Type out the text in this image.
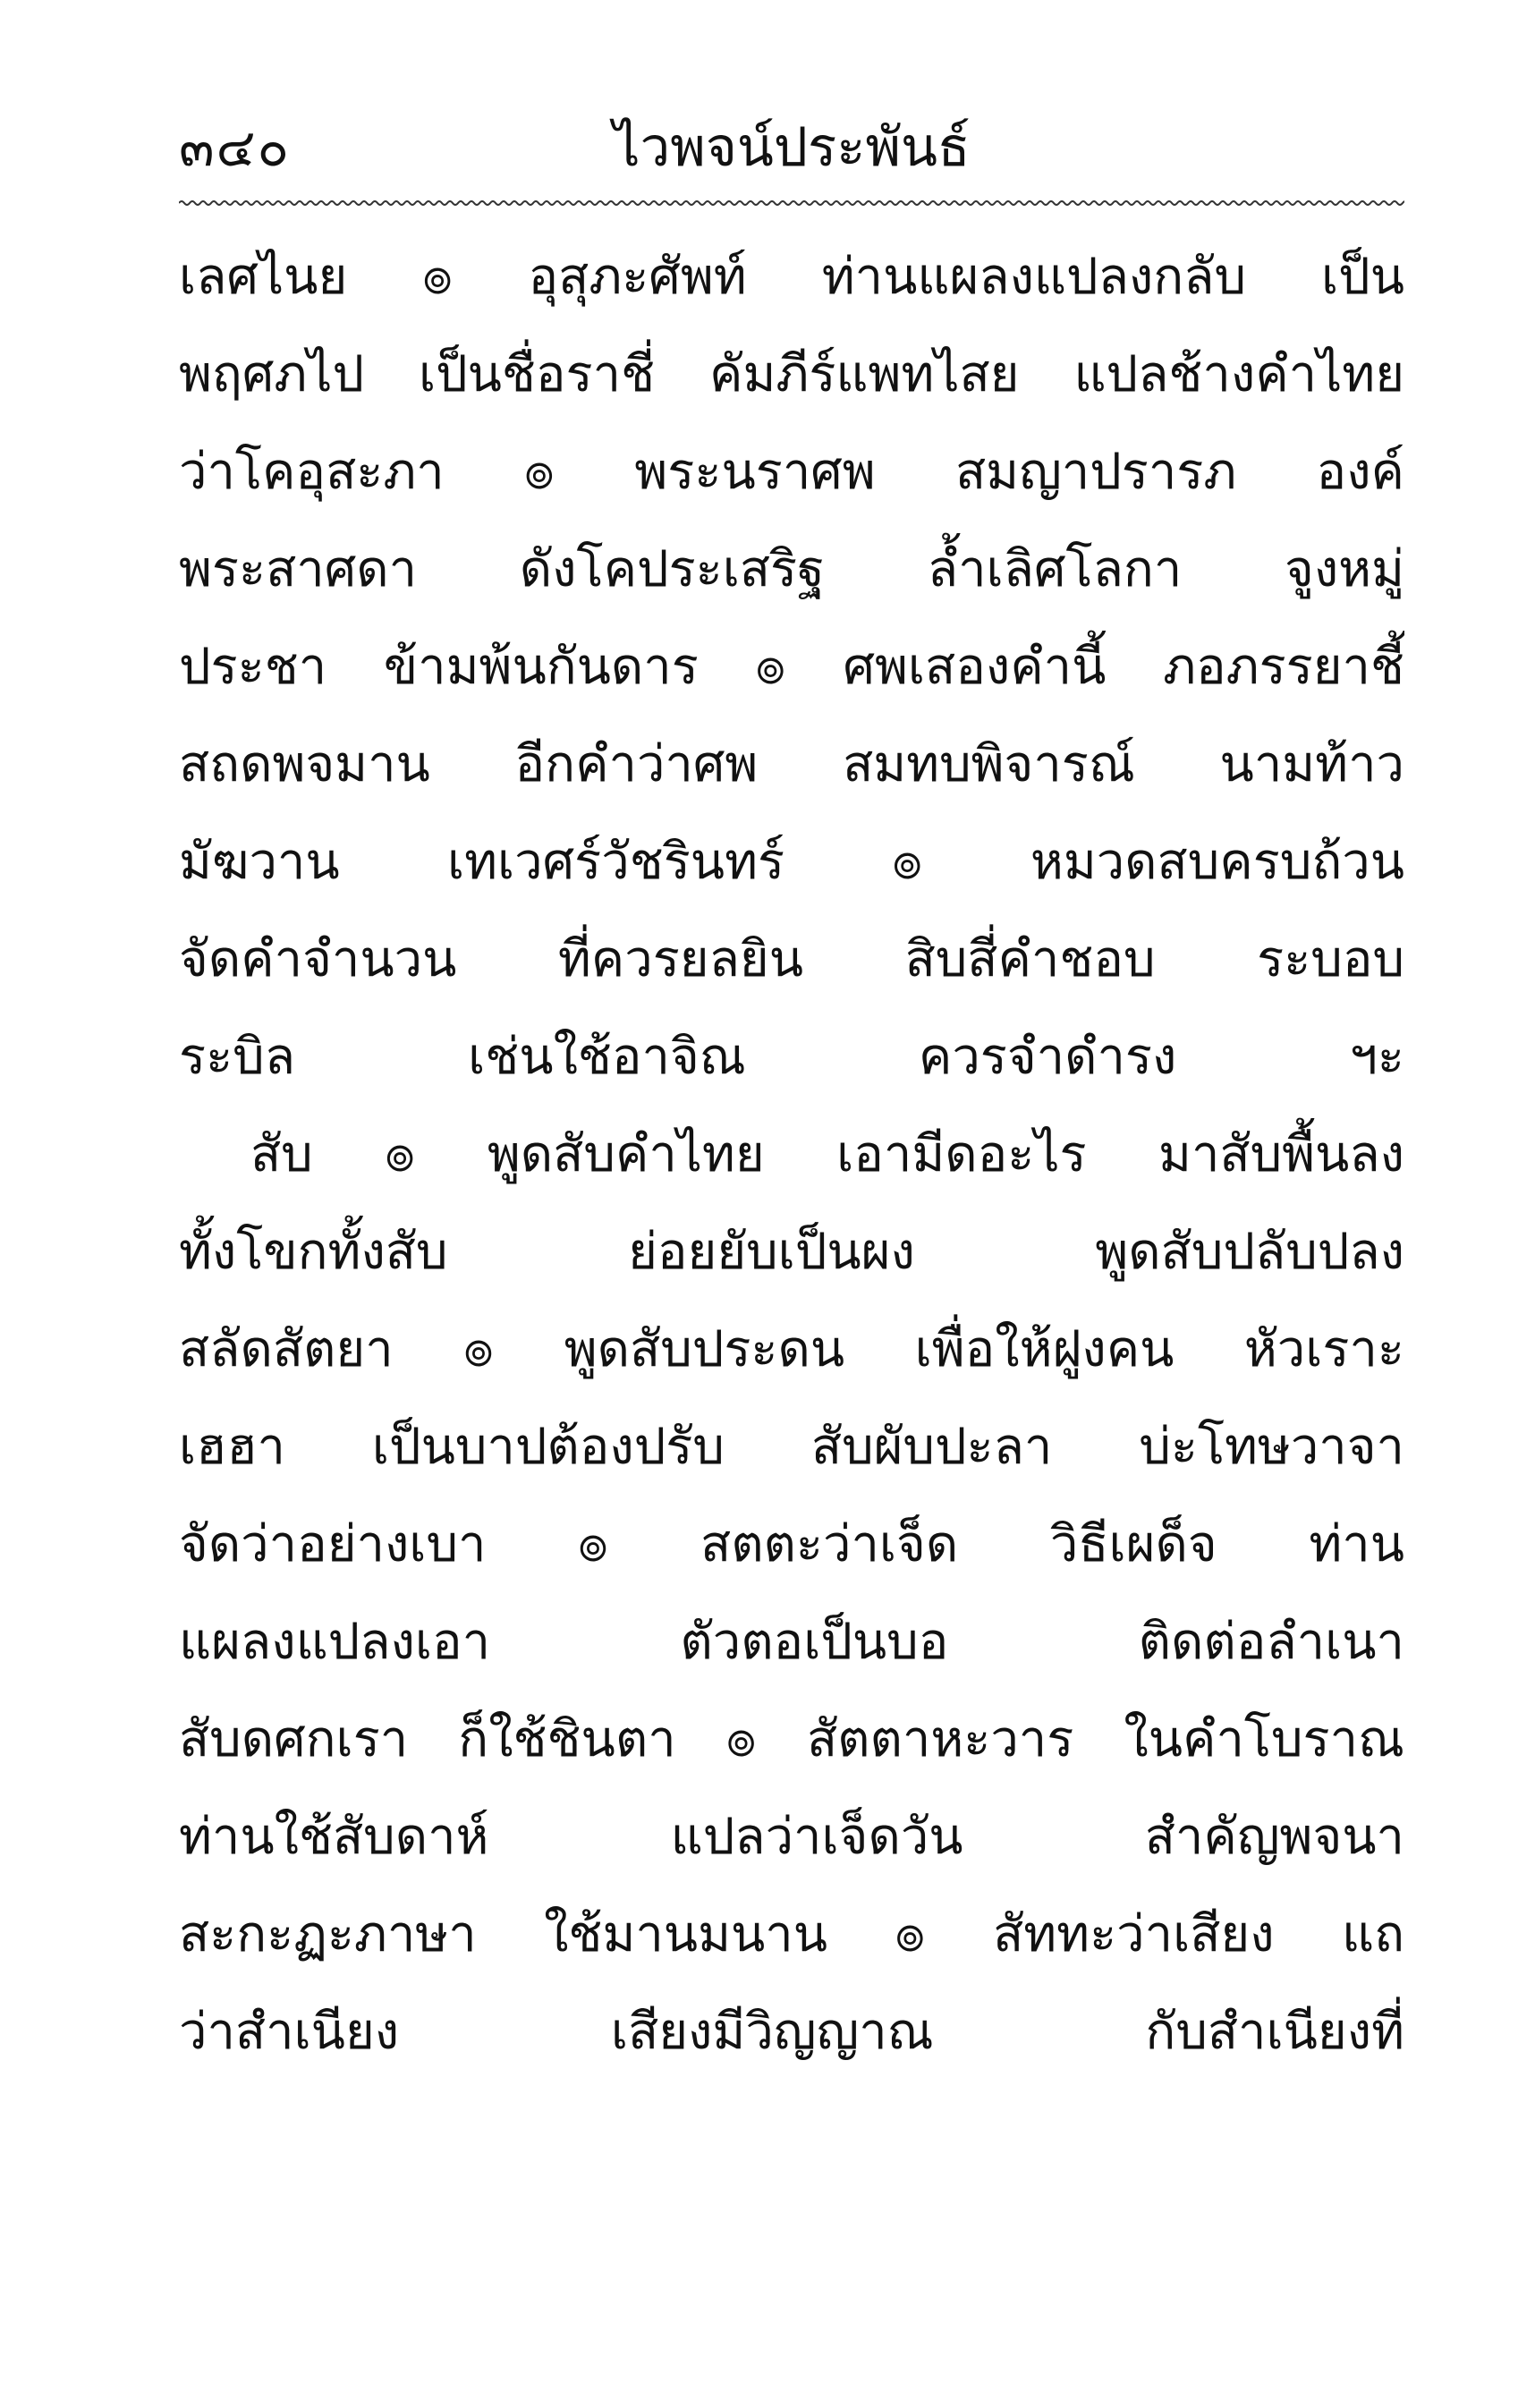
๓๔๐	ไวพจน์ประพันธ์
เลศไนย ๏ อุสุภะศัพท์ ท่านแผลงแปลงกลับ เป็น
พฤศภไป เป็นชื่อราชี่ คัมภีร์แพทไสย แปลช้างคำไทย
ว่าโคอุสะภา ๏ พระนราศพ สมญาปรารภ องค์
พระสาศดา ดังโคประเสริฐ ล้ำเลิศโลกา จูงหมู่
ประชา ข้ามพ้นกันดาร ๏ ศพเสองคำนี้ ภอภรรยาชี้
สถดพจมาน อีกคำว่าศพ สมทบพิจารณ์ นามท้าว
มัฆวาน เทเวศร์วัชรินทร์ ๏ หมวดสบครบถ้วน
จัดคำจำนวน ที่ควรยลยิน สิบสี่คำชอบ ระบอบ
ระบิล เช่นใช้อาจิณ ควรจำดำรง ฯะ
สับ ๏ พูดสับคำไทย เอามีดอะไร มาสับพื้นลง
ทั้งโขกทั้งสับ ย่อยยับเป็นผง พูดสับปลับปลง
สลัดสัตยา ๏ พูดสับประดน เพื่อให้ฝูงคน หัวเราะ
เฮฮา เป็นบาปต้องปรับ สับผับปะลา บ่ะโทษวาจา
จัดว่าอย่างเบา ๏ สตตะว่าเจ็ด วิธีเผด็จ ท่าน
แผลงแปลงเอา ตัวตอเป็นบอ ติดต่อลำเนา
สับดศกเรา ก็ใช้ชินตา ๏ สัตตาหะวาร ในคำโบราณ
ท่านใช้สับดาห์ แปลว่าเจ็ดวัน สำคัญพจนา
สะกะฏะภาษา ใช้มานมนาน ๏ สัททะว่าเสียง แถ
ว่าสำเนียง เสียงมีวิญญาณ กับสำเนียงที่
